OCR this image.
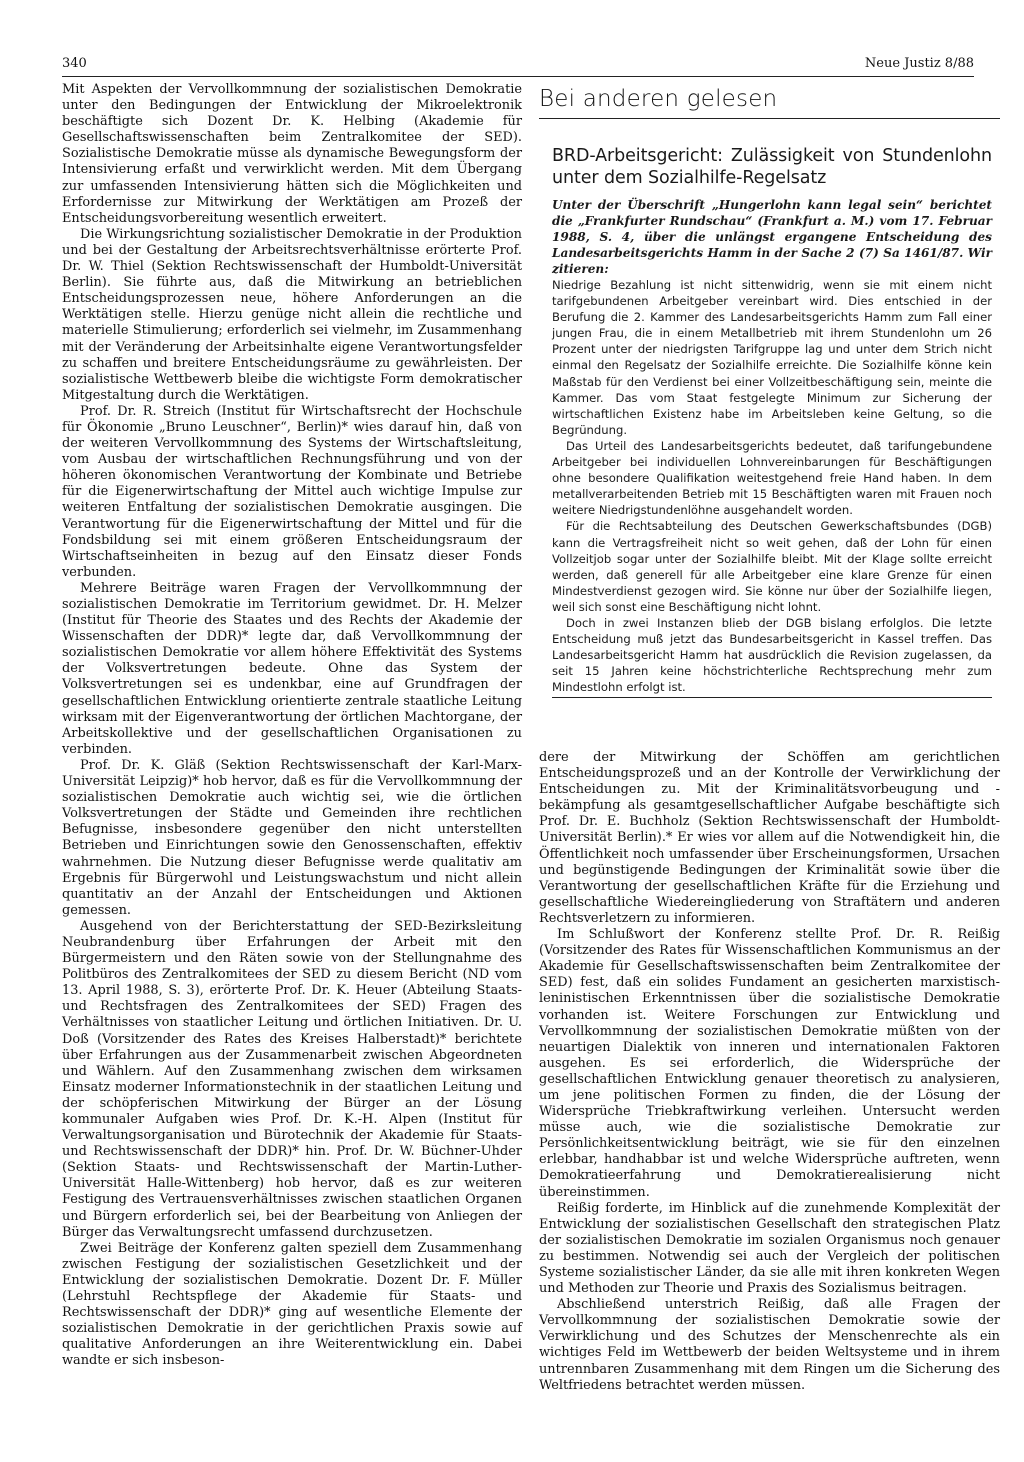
340	Neue Justiz 8/88

Mit Aspekten der Vervollkommnung der sozialistischen Demokratie unter den Bedingungen der Entwicklung der Mikroelektronik beschäftigte sich Dozent Dr. K. Helbing (Akademie für Gesellschaftswissenschaften beim Zentralkomitee der SED). Sozialistische Demokratie müsse als dynamische Bewegungsform der Intensivierung erfaßt und verwirklicht werden. Mit dem Übergang zur umfassenden Intensivierung hätten sich die Möglichkeiten und Erfordernisse zur Mitwirkung der Werktätigen am Prozeß der Entscheidungsvorbereitung wesentlich erweitert.

Die Wirkungsrichtung sozialistischer Demokratie in der Produktion und bei der Gestaltung der Arbeitsrechtsverhältnisse erörterte Prof. Dr. W. Thiel (Sektion Rechtswissenschaft der Humboldt-Universität Berlin). Sie führte aus, daß die Mitwirkung an betrieblichen Entscheidungsprozessen neue, höhere Anforderungen an die Werktätigen stelle. Hierzu genüge nicht allein die rechtliche und materielle Stimulierung; erforderlich sei vielmehr, im Zusammenhang mit der Veränderung der Arbeitsinhalte eigene Verantwortungsfelder zu schaffen und breitere Entscheidungsräume zu gewährleisten. Der sozialistische Wettbewerb bleibe die wichtigste Form demokratischer Mitgestaltung durch die Werktätigen.

Prof. Dr. R. Streich (Institut für Wirtschaftsrecht der Hochschule für Ökonomie „Bruno Leuschner“, Berlin)* wies darauf hin, daß von der weiteren Vervollkommnung des Systems der Wirtschaftsleitung, vom Ausbau der wirtschaftlichen Rechnungsführung und von der höheren ökonomischen Verantwortung der Kombinate und Betriebe für die Eigenerwirtschaftung der Mittel auch wichtige Impulse zur weiteren Entfaltung der sozialistischen Demokratie ausgingen. Die Verantwortung für die Eigenerwirtschaftung der Mittel und für die Fondsbildung sei mit einem größeren Entscheidungsraum der Wirtschaftseinheiten in bezug auf den Einsatz dieser Fonds verbunden.

Mehrere Beiträge waren Fragen der Vervollkommnung der sozialistischen Demokratie im Territorium gewidmet. Dr. H. Melzer (Institut für Theorie des Staates und des Rechts der Akademie der Wissenschaften der DDR)* legte dar, daß Vervollkommnung der sozialistischen Demokratie vor allem höhere Effektivität des Systems der Volksvertretungen bedeute. Ohne das System der Volksvertretungen sei es undenkbar, eine auf Grundfragen der gesellschaftlichen Entwicklung orientierte zentrale staatliche Leitung wirksam mit der Eigenverantwortung der örtlichen Machtorgane, der Arbeitskollektive und der gesellschaftlichen Organisationen zu verbinden.

Prof. Dr. K. Gläß (Sektion Rechtswissenschaft der Karl-Marx-Universität Leipzig)* hob hervor, daß es für die Vervollkommnung der sozialistischen Demokratie auch wichtig sei, wie die örtlichen Volksvertretungen der Städte und Gemeinden ihre rechtlichen Befugnisse, insbesondere gegenüber den nicht unterstellten Betrieben und Einrichtungen sowie den Genossenschaften, effektiv wahrnehmen. Die Nutzung dieser Befugnisse werde qualitativ am Ergebnis für Bürgerwohl und Leistungswachstum und nicht allein quantitativ an der Anzahl der Entscheidungen und Aktionen gemessen.

Ausgehend von der Berichterstattung der SED-Bezirksleitung Neubrandenburg über Erfahrungen der Arbeit mit den Bürgermeistern und den Räten sowie von der Stellungnahme des Politbüros des Zentralkomitees der SED zu diesem Bericht (ND vom 13. April 1988, S. 3), erörterte Prof. Dr. K. Heuer (Abteilung Staats- und Rechtsfragen des Zentralkomitees der SED) Fragen des Verhältnisses von staatlicher Leitung und örtlichen Initiativen. Dr. U. Doß (Vorsitzender des Rates des Kreises Halberstadt)* berichtete über Erfahrungen aus der Zusammenarbeit zwischen Abgeordneten und Wählern. Auf den Zusammenhang zwischen dem wirksamen Einsatz moderner Informationstechnik in der staatlichen Leitung und der schöpferischen Mitwirkung der Bürger an der Lösung kommunaler Aufgaben wies Prof. Dr. K.-H. Alpen (Institut für Verwaltungsorganisation und Bürotechnik der Akademie für Staats- und Rechtswissenschaft der DDR)* hin. Prof. Dr. W. Büchner-Uhder (Sektion Staats- und Rechtswissenschaft der Martin-Luther-Universität Halle-Wittenberg) hob hervor, daß es zur weiteren Festigung des Vertrauensverhältnisses zwischen staatlichen Organen und Bürgern erforderlich sei, bei der Bearbeitung von Anliegen der Bürger das Verwaltungsrecht umfassend durchzusetzen.

Zwei Beiträge der Konferenz galten speziell dem Zusammenhang zwischen Festigung der sozialistischen Gesetzlichkeit und der Entwicklung der sozialistischen Demokratie. Dozent Dr. F. Müller (Lehrstuhl Rechtspflege der Akademie für Staats- und Rechtswissenschaft der DDR)* ging auf wesentliche Elemente der sozialistischen Demokratie in der gerichtlichen Praxis sowie auf qualitative Anforderungen an ihre Weiterentwicklung ein. Dabei wandte er sich insbeson-

Bei anderen gelesen
BRD-Arbeitsgericht: Zulässigkeit von Stundenlohn unter dem Sozialhilfe-Regelsatz
Unter der Überschrift „Hungerlohn kann legal sein“ berichtet die „Frankfurter Rundschau“ (Frankfurt a. M.) vom 17. Februar 1988, S. 4, über die unlängst ergangene Entscheidung des Landesarbeitsgerichts Hamm in der Sache 2 (7) Sa 1461/87. Wir zitieren:

Niedrige Bezahlung ist nicht sittenwidrig, wenn sie mit einem nicht tarifgebundenen Arbeitgeber vereinbart wird. Dies entschied in der Berufung die 2. Kammer des Landesarbeitsgerichts Hamm zum Fall einer jungen Frau, die in einem Metallbetrieb mit ihrem Stundenlohn um 26 Prozent unter der niedrigsten Tarifgruppe lag und unter dem Strich nicht einmal den Regelsatz der Sozialhilfe erreichte. Die Sozialhilfe könne kein Maßstab für den Verdienst bei einer Vollzeitbeschäftigung sein, meinte die Kammer. Das vom Staat festgelegte Minimum zur Sicherung der wirtschaftlichen Existenz habe im Arbeitsleben keine Geltung, so die Begründung.

Das Urteil des Landesarbeitsgerichts bedeutet, daß tarifungebundene Arbeitgeber bei individuellen Lohnvereinbarungen für Beschäftigungen ohne besondere Qualifikation weitestgehend freie Hand haben. In dem metallverarbeitenden Betrieb mit 15 Beschäftigten waren mit Frauen noch weitere Niedrigstundenlöhne ausgehandelt worden.

Für die Rechtsabteilung des Deutschen Gewerkschaftsbundes (DGB) kann die Vertragsfreiheit nicht so weit gehen, daß der Lohn für einen Vollzeitjob sogar unter der Sozialhilfe bleibt. Mit der Klage sollte erreicht werden, daß generell für alle Arbeitgeber eine klare Grenze für einen Mindestverdienst gezogen wird. Sie könne nur über der Sozialhilfe liegen, weil sich sonst eine Beschäftigung nicht lohnt.

Doch in zwei Instanzen blieb der DGB bislang erfolglos. Die letzte Entscheidung muß jetzt das Bundesarbeitsgericht in Kassel treffen. Das Landesarbeitsgericht Hamm hat ausdrücklich die Revision zugelassen, da seit 15 Jahren keine höchstrichterliche Rechtsprechung mehr zum Mindestlohn erfolgt ist.

dere der Mitwirkung der Schöffen am gerichtlichen Entscheidungsprozeß und an der Kontrolle der Verwirklichung der Entscheidungen zu. Mit der Kriminalitätsvorbeugung und -bekämpfung als gesamtgesellschaftlicher Aufgabe beschäftigte sich Prof. Dr. E. Buchholz (Sektion Rechtswissenschaft der Humboldt-Universität Berlin).* Er wies vor allem auf die Notwendigkeit hin, die Öffentlichkeit noch umfassender über Erscheinungsformen, Ursachen und begünstigende Bedingungen der Kriminalität sowie über die Verantwortung der gesellschaftlichen Kräfte für die Erziehung und gesellschaftliche Wiedereingliederung von Straftätern und anderen Rechtsverletzern zu informieren.

Im Schlußwort der Konferenz stellte Prof. Dr. R. Reißig (Vorsitzender des Rates für Wissenschaftlichen Kommunismus an der Akademie für Gesellschaftswissenschaften beim Zentralkomitee der SED) fest, daß ein solides Fundament an gesicherten marxistisch-leninistischen Erkenntnissen über die sozialistische Demokratie vorhanden ist. Weitere Forschungen zur Entwicklung und Vervollkommnung der sozialistischen Demokratie müßten von der neuartigen Dialektik von inneren und internationalen Faktoren ausgehen. Es sei erforderlich, die Widersprüche der gesellschaftlichen Entwicklung genauer theoretisch zu analysieren, um jene politischen Formen zu finden, die der Lösung der Widersprüche Triebkraftwirkung verleihen. Untersucht werden müsse auch, wie die sozialistische Demokratie zur Persönlichkeitsentwicklung beiträgt, wie sie für den einzelnen erlebbar, handhabbar ist und welche Widersprüche auftreten, wenn Demokratieerfahrung und Demokratierealisierung nicht übereinstimmen.

Reißig forderte, im Hinblick auf die zunehmende Komplexität der Entwicklung der sozialistischen Gesellschaft den strategischen Platz der sozialistischen Demokratie im sozialen Organismus noch genauer zu bestimmen. Notwendig sei auch der Vergleich der politischen Systeme sozialistischer Länder, da sie alle mit ihren konkreten Wegen und Methoden zur Theorie und Praxis des Sozialismus beitragen.

Abschließend unterstrich Reißig, daß alle Fragen der Vervollkommnung der sozialistischen Demokratie sowie der Verwirklichung und des Schutzes der Menschenrechte als ein wichtiges Feld im Wettbewerb der beiden Weltsysteme und in ihrem untrennbaren Zusammenhang mit dem Ringen um die Sicherung des Weltfriedens betrachtet werden müssen.
